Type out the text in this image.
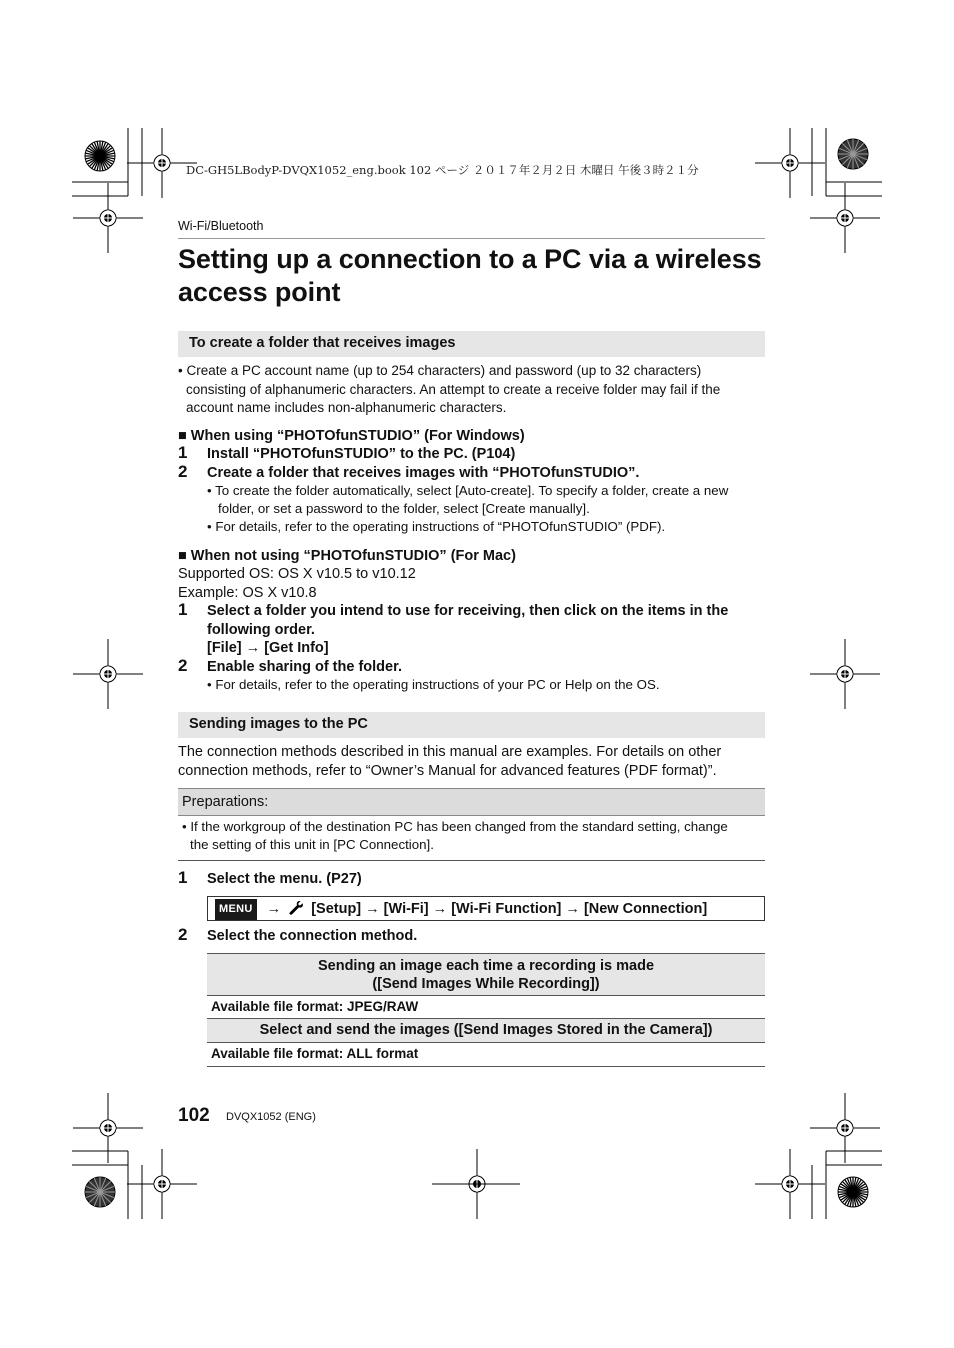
DC-GH5LBodyP-DVQX1052_eng.book 102 ページ ２０１７年２月２日 木曜日 午後３時２１分
Wi-Fi/Bluetooth
Setting up a connection to a PC via a wireless
access point
To create a folder that receives images
• Create a PC account name (up to 254 characters) and password (up to 32 characters)
consisting of alphanumeric characters. An attempt to create a receive folder may fail if the
account name includes non-alphanumeric characters.
■ When using “PHOTOfunSTUDIO” (For Windows)
1 Install “PHOTOfunSTUDIO” to the PC. (P104)
2 Create a folder that receives images with “PHOTOfunSTUDIO”.
• To create the folder automatically, select [Auto-create]. To specify a folder, create a new
folder, or set a password to the folder, select [Create manually].
• For details, refer to the operating instructions of “PHOTOfunSTUDIO” (PDF).
■ When not using “PHOTOfunSTUDIO” (For Mac)
Supported OS: OS X v10.5 to v10.12
Example: OS X v10.8
1 Select a folder you intend to use for receiving, then click on the items in the
following order.
[File] → [Get Info]
2 Enable sharing of the folder.
• For details, refer to the operating instructions of your PC or Help on the OS.
Sending images to the PC
The connection methods described in this manual are examples. For details on other
connection methods, refer to “Owner’s Manual for advanced features (PDF format)”.
Preparations:
• If the workgroup of the destination PC has been changed from the standard setting, change
the setting of this unit in [PC Connection].
1 Select the menu. (P27)
MENU → [Setup] → [Wi-Fi] → [Wi-Fi Function] → [New Connection]
2 Select the connection method.
Sending an image each time a recording is made
([Send Images While Recording])
Available file format: JPEG/RAW
Select and send the images ([Send Images Stored in the Camera])
Available file format: ALL format
102 DVQX1052 (ENG)
